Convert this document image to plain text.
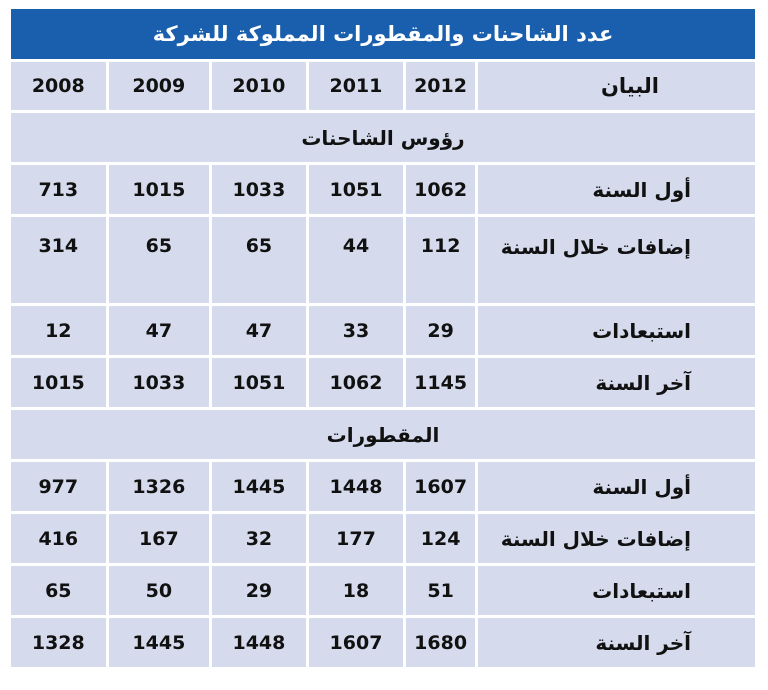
عدد الشاحنات والمقطورات المملوكة للشركة
2008	2009	2010	2011	2012	البيان
رؤوس الشاحنات
713	1015	1033	1051	1062	أول السنة
314	65	65	44	112	إضافات خلال السنة
12	47	47	33	29	استبعادات
1015	1033	1051	1062	1145	آخر السنة
المقطورات
977	1326	1445	1448	1607	أول السنة
416	167	32	177	124	إضافات خلال السنة
65	50	29	18	51	استبعادات
1328	1445	1448	1607	1680	آخر السنة
